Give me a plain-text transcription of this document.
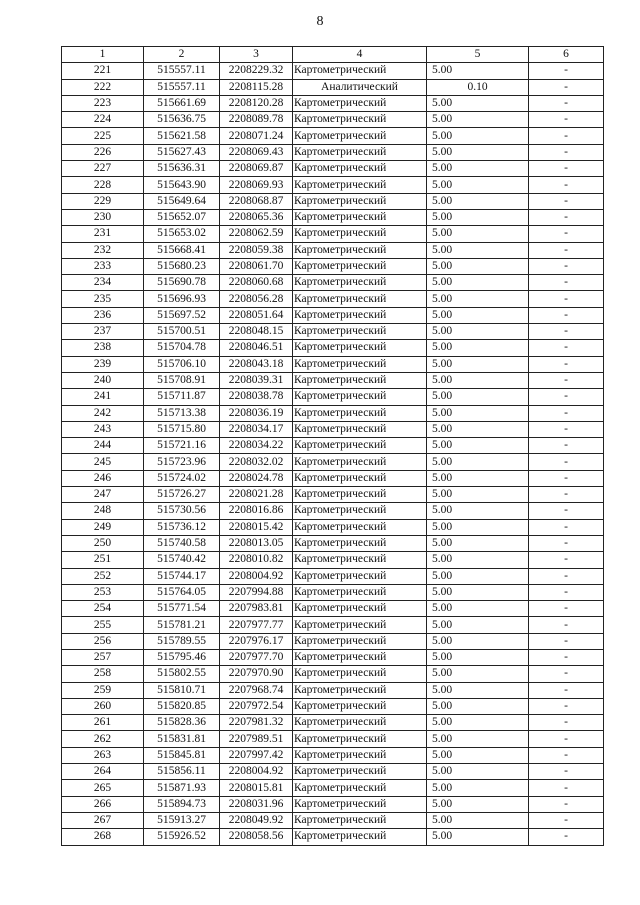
8
1	2	3	4	5	6
221	515557.11	2208229.32	Картометрический	5.00	-
222	515557.11	2208115.28	Аналитический	0.10	-
223	515661.69	2208120.28	Картометрический	5.00	-
224	515636.75	2208089.78	Картометрический	5.00	-
225	515621.58	2208071.24	Картометрический	5.00	-
226	515627.43	2208069.43	Картометрический	5.00	-
227	515636.31	2208069.87	Картометрический	5.00	-
228	515643.90	2208069.93	Картометрический	5.00	-
229	515649.64	2208068.87	Картометрический	5.00	-
230	515652.07	2208065.36	Картометрический	5.00	-
231	515653.02	2208062.59	Картометрический	5.00	-
232	515668.41	2208059.38	Картометрический	5.00	-
233	515680.23	2208061.70	Картометрический	5.00	-
234	515690.78	2208060.68	Картометрический	5.00	-
235	515696.93	2208056.28	Картометрический	5.00	-
236	515697.52	2208051.64	Картометрический	5.00	-
237	515700.51	2208048.15	Картометрический	5.00	-
238	515704.78	2208046.51	Картометрический	5.00	-
239	515706.10	2208043.18	Картометрический	5.00	-
240	515708.91	2208039.31	Картометрический	5.00	-
241	515711.87	2208038.78	Картометрический	5.00	-
242	515713.38	2208036.19	Картометрический	5.00	-
243	515715.80	2208034.17	Картометрический	5.00	-
244	515721.16	2208034.22	Картометрический	5.00	-
245	515723.96	2208032.02	Картометрический	5.00	-
246	515724.02	2208024.78	Картометрический	5.00	-
247	515726.27	2208021.28	Картометрический	5.00	-
248	515730.56	2208016.86	Картометрический	5.00	-
249	515736.12	2208015.42	Картометрический	5.00	-
250	515740.58	2208013.05	Картометрический	5.00	-
251	515740.42	2208010.82	Картометрический	5.00	-
252	515744.17	2208004.92	Картометрический	5.00	-
253	515764.05	2207994.88	Картометрический	5.00	-
254	515771.54	2207983.81	Картометрический	5.00	-
255	515781.21	2207977.77	Картометрический	5.00	-
256	515789.55	2207976.17	Картометрический	5.00	-
257	515795.46	2207977.70	Картометрический	5.00	-
258	515802.55	2207970.90	Картометрический	5.00	-
259	515810.71	2207968.74	Картометрический	5.00	-
260	515820.85	2207972.54	Картометрический	5.00	-
261	515828.36	2207981.32	Картометрический	5.00	-
262	515831.81	2207989.51	Картометрический	5.00	-
263	515845.81	2207997.42	Картометрический	5.00	-
264	515856.11	2208004.92	Картометрический	5.00	-
265	515871.93	2208015.81	Картометрический	5.00	-
266	515894.73	2208031.96	Картометрический	5.00	-
267	515913.27	2208049.92	Картометрический	5.00	-
268	515926.52	2208058.56	Картометрический	5.00	-
